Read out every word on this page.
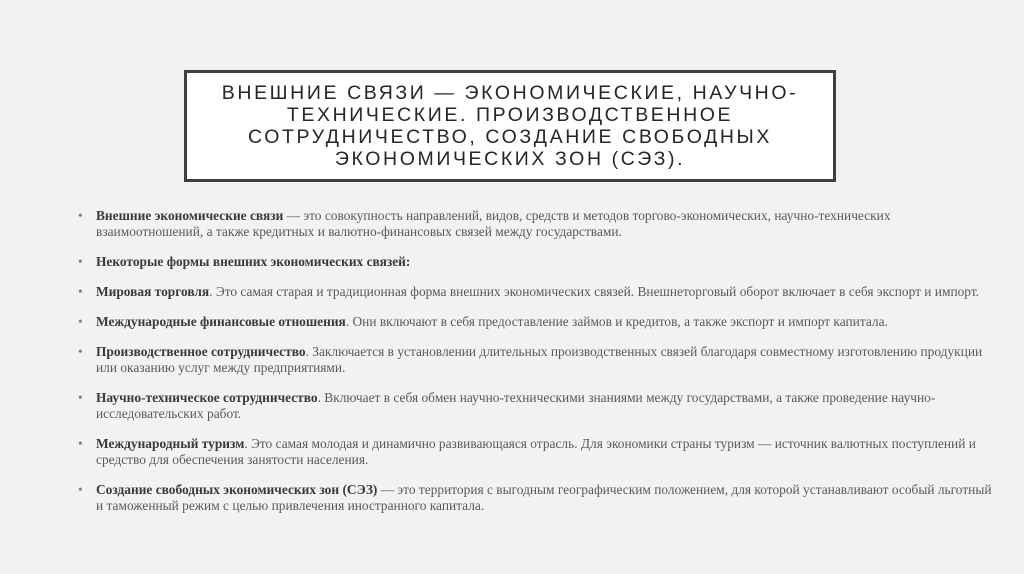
ВНЕШНИЕ СВЯЗИ — ЭКОНОМИЧЕСКИЕ, НАУЧНО-ТЕХНИЧЕСКИЕ. ПРОИЗВОДСТВЕННОЕ СОТРУДНИЧЕСТВО, СОЗДАНИЕ СВОБОДНЫХ ЭКОНОМИЧЕСКИХ ЗОН (СЭЗ).
• Внешние экономические связи — это совокупность направлений, видов, средств и методов торгово-экономических, научно-технических взаимоотношений, а также кредитных и валютно-финансовых связей между государствами.
• Некоторые формы внешних экономических связей:
• Мировая торговля. Это самая старая и традиционная форма внешних экономических связей. Внешнеторговый оборот включает в себя экспорт и импорт.
• Международные финансовые отношения. Они включают в себя предоставление займов и кредитов, а также экспорт и импорт капитала.
• Производственное сотрудничество. Заключается в установлении длительных производственных связей благодаря совместному изготовлению продукции или оказанию услуг между предприятиями.
• Научно-техническое сотрудничество. Включает в себя обмен научно-техническими знаниями между государствами, а также проведение научно-исследовательских работ.
• Международный туризм. Это самая молодая и динамично развивающаяся отрасль. Для экономики страны туризм — источник валютных поступлений и средство для обеспечения занятости населения.
• Создание свободных экономических зон (СЭЗ) — это территория с выгодным географическим положением, для которой устанавливают особый льготный и таможенный режим с целью привлечения иностранного капитала.
